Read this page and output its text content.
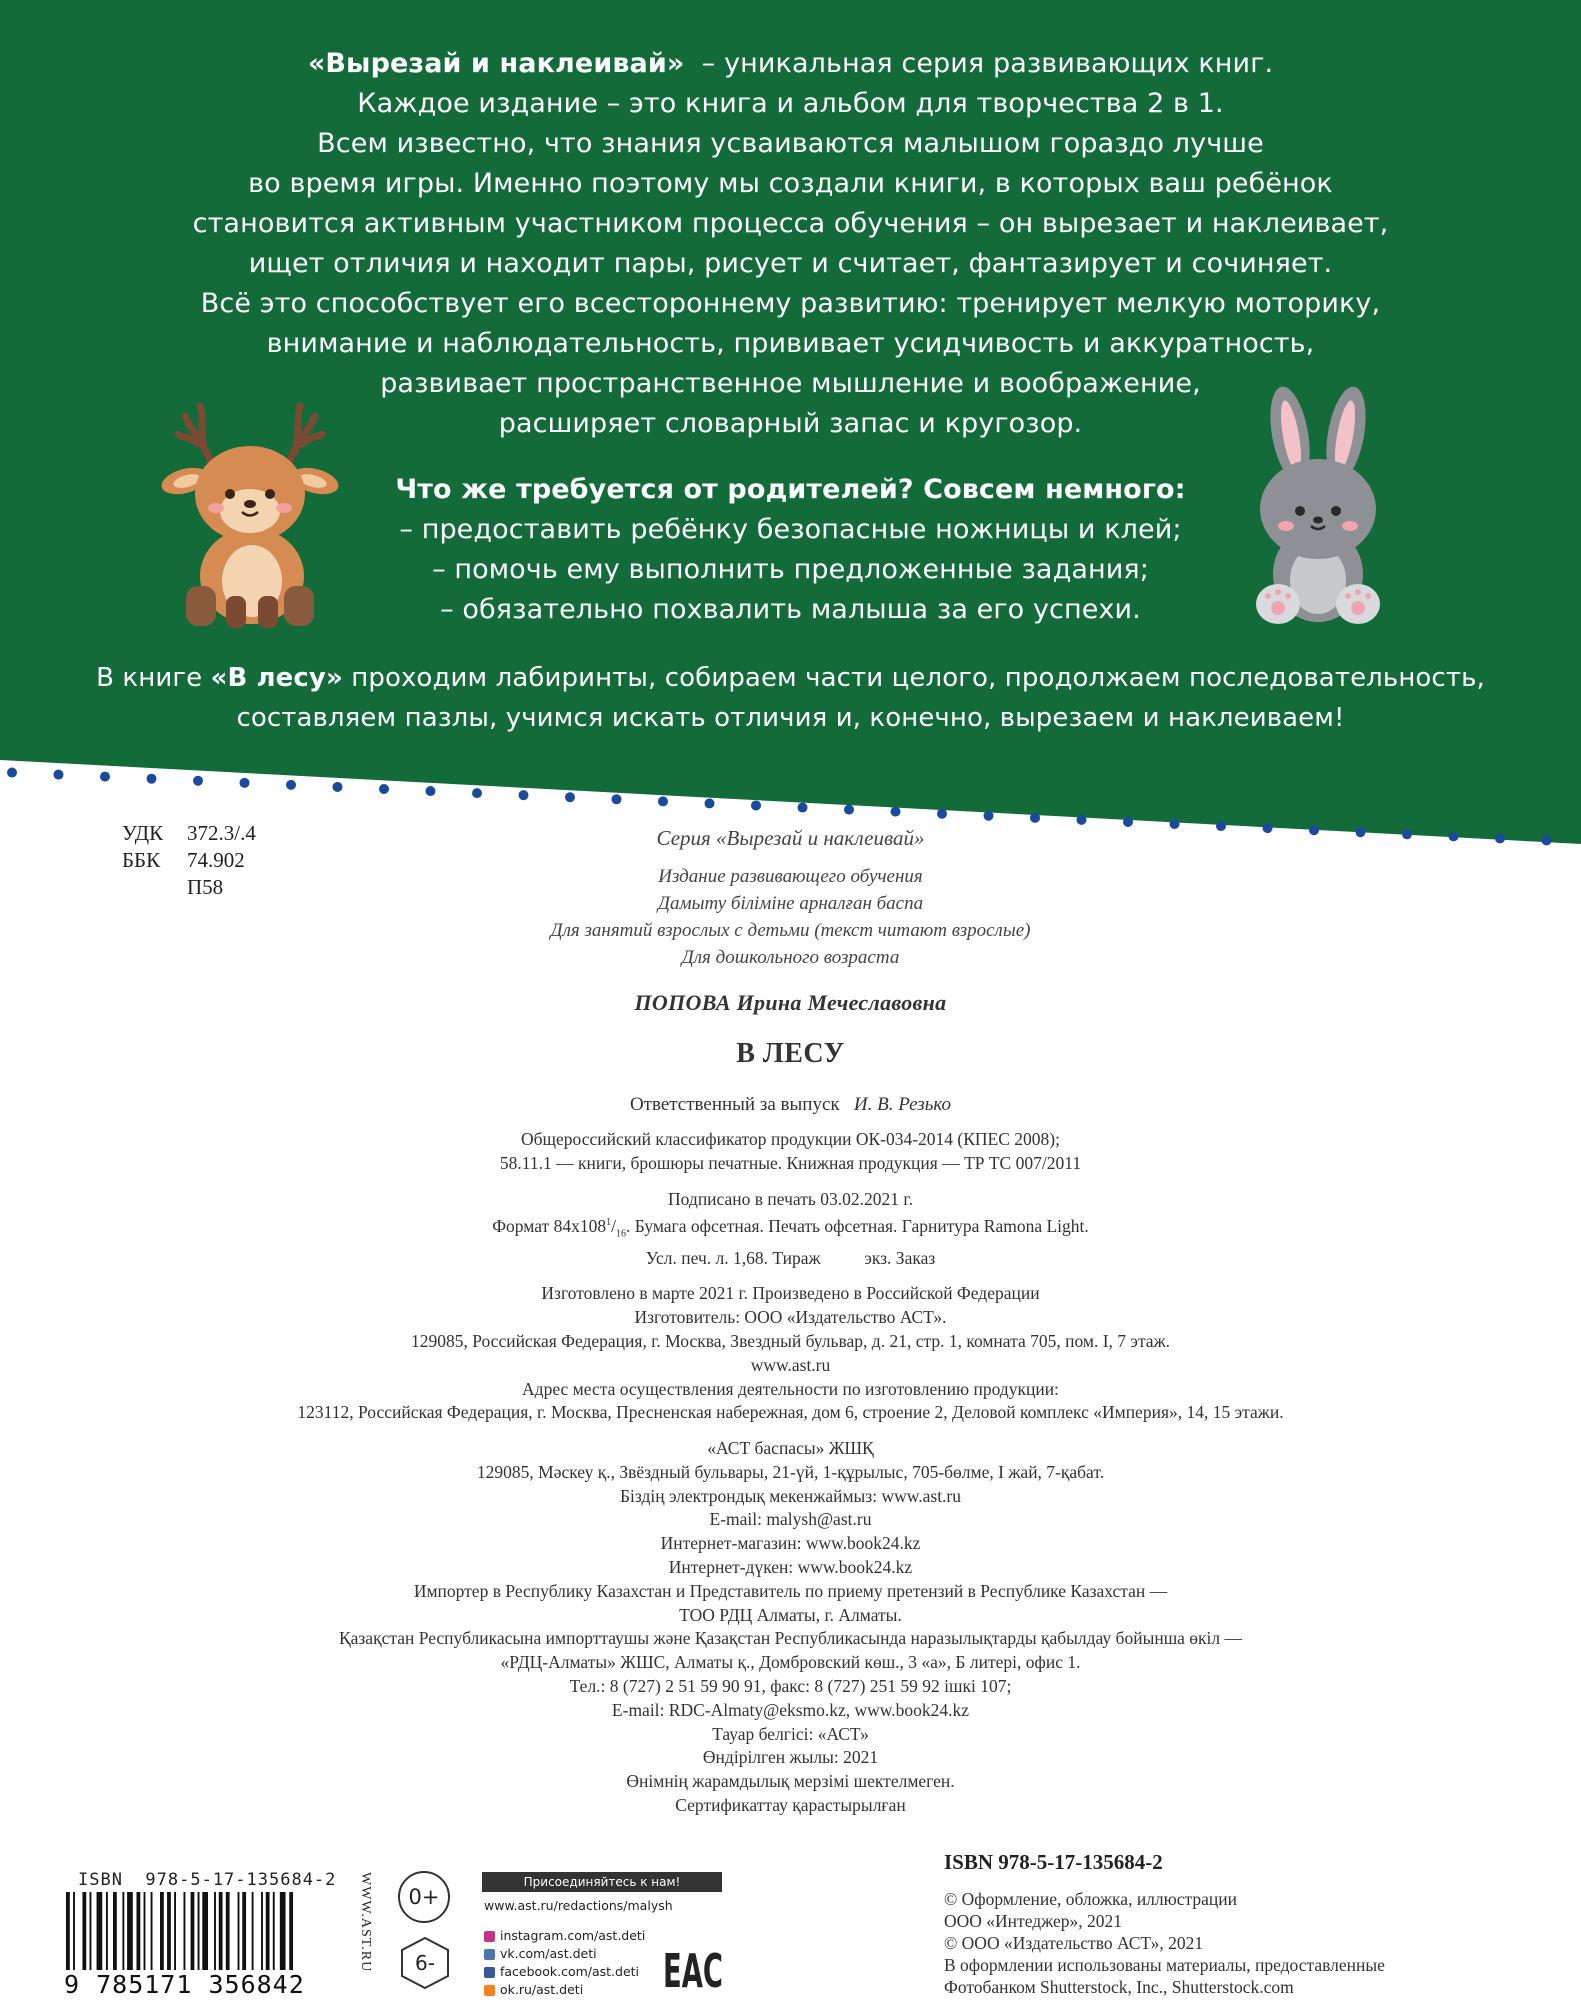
«Вырезай и наклеивай»  – уникальная серия развивающих книг.
Каждое издание – это книга и альбом для творчества 2 в 1.
Всем известно, что знания усваиваются малышом гораздо лучше
во время игры. Именно поэтому мы создали книги, в которых ваш ребёнок
становится активным участником процесса обучения – он вырезает и наклеивает,
ищет отличия и находит пары, рисует и считает, фантазирует и сочиняет.
Всё это способствует его всестороннему развитию: тренирует мелкую моторику,
внимание и наблюдательность, прививает усидчивость и аккуратность,
развивает пространственное мышление и воображение,
расширяет словарный запас и кругозор.
Что же требуется от родителей? Совсем немного:
– предоставить ребёнку безопасные ножницы и клей;
– помочь ему выполнить предложенные задания;
– обязательно похвалить малыша за его успехи.
В книге «В лесу» проходим лабиринты, собираем части целого, продолжаем последовательность,
составляем пазлы, учимся искать отличия и, конечно, вырезаем и наклеиваем!
УДК	372.3/.4
ББК	74.902
П58
Серия «Вырезай и наклеивай»
Издание развивающего обучения
Дамыту біліміне арналған баспа
Для занятий взрослых с детьми (текст читают взрослые)
Для дошкольного возраста
ПОПОВА Ирина Мечеславовна
В ЛЕСУ
Ответственный за выпуск И. В. Резько
Общероссийский классификатор продукции ОК-034-2014 (КПЕС 2008);
58.11.1 — книги, брошюры печатные. Книжная продукция — ТР ТС 007/2011
Подписано в печать 03.02.2021 г.
Формат $84x108^1/_{16}$. Бумага офсетная. Печать офсетная. Гарнитура Ramona Light.
Усл. печ. л. 1,68. Тираж          экз. Заказ
Изготовлено в марте 2021 г. Произведено в Российской Федерации
Изготовитель: ООО «Издательство АСТ».
129085, Российская Федерация, г. Москва, Звездный бульвар, д. 21, стр. 1, комната 705, пом. I, 7 этаж.
www.ast.ru
Адрес места осуществления деятельности по изготовлению продукции:
123112, Российская Федерация, г. Москва, Пресненская набережная, дом 6, строение 2, Деловой комплекс «Империя», 14, 15 этажи.
«АСТ баспасы» ЖШҚ
129085, Мәскеу қ., Звёздный бульвары, 21-үй, 1-құрылыс, 705-бөлме, I жай, 7-қабат.
Біздің электрондық мекенжаймыз: www.ast.ru
E-mail: malysh@ast.ru
Интернет-магазин: www.book24.kz
Интернет-дүкен: www.book24.kz
Импортер в Республику Казахстан и Представитель по приему претензий в Республике Казахстан —
ТОО РДЦ Алматы, г. Алматы.
Қазақстан Республикасына импорттаушы және Қазақстан Республикасында наразылықтарды қабылдау бойынша өкіл —
«РДЦ-Алматы» ЖШС, Алматы қ., Домбровский көш., 3 «а», Б литері, офис 1.
Тел.: 8 (727) 2 51 59 90 91, факс: 8 (727) 251 59 92 ішкі 107;
E-mail: RDC-Almaty@eksmo.kz, www.book24.kz
Тауар белгісі: «АСТ»
Өндірілген жылы: 2021
Өнімнің жарамдылық мерзімі шектелмеген.
Сертификаттау қарастырылған
ISBN 978-5-17-135684-2
© Оформление, обложка, иллюстрации
ООО «Интеджер», 2021
© ООО «Издательство АСТ», 2021
В оформлении использованы материалы, предоставленные
Фотобанком Shutterstock, Inc., Shutterstock.com
ISBN  978-5-17-135684-2
9 785171 356842
WWW.AST.RU	0+
6-
Присоединяйтесь к нам!
www.ast.ru/redactions/malysh
instagram.com/ast.deti
vk.com/ast.deti
facebook.com/ast.deti
ok.ru/ast.deti EAC
